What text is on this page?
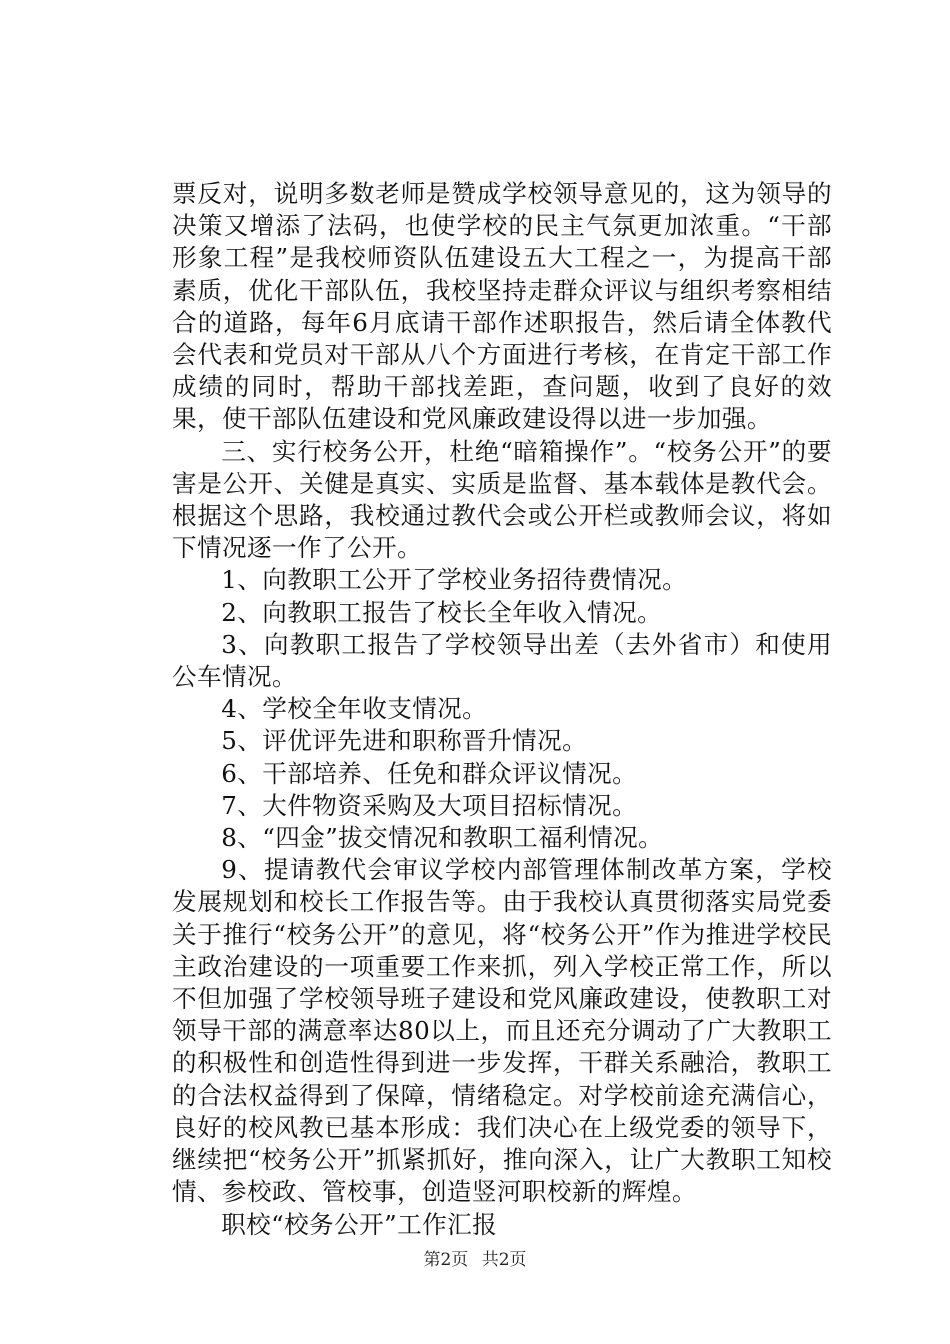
票反对，说明多数老师是赞成学校领导意见的，这为领导的决策又增添了法码，也使学校的民主气氛更加浓重。“干部形象工程”是我校师资队伍建设五大工程之一，为提高干部素质，优化干部队伍，我校坚持走群众评议与组织考察相结合的道路，每年6月底请干部作述职报告，然后请全体教代会代表和党员对干部从八个方面进行考核，在肯定干部工作成绩的同时，帮助干部找差距，查问题，收到了良好的效果，使干部队伍建设和党风廉政建设得以进一步加强。

三、实行校务公开，杜绝“暗箱操作”。“校务公开”的要害是公开、关健是真实、实质是监督、基本载体是教代会。根据这个思路，我校通过教代会或公开栏或教师会议，将如下情况逐一作了公开。

1、向教职工公开了学校业务招待费情况。

2、向教职工报告了校长全年收入情况。

3、向教职工报告了学校领导出差（去外省市）和使用公车情况。

4、学校全年收支情况。

5、评优评先进和职称晋升情况。

6、干部培养、任免和群众评议情况。

7、大件物资采购及大项目招标情况。

8、“四金”拔交情况和教职工福利情况。

9、提请教代会审议学校内部管理体制改革方案，学校发展规划和校长工作报告等。由于我校认真贯彻落实局党委关于推行“校务公开”的意见，将“校务公开”作为推进学校民主政治建设的一项重要工作来抓，列入学校正常工作，所以不但加强了学校领导班子建设和党风廉政建设，使教职工对领导干部的满意率达80以上，而且还充分调动了广大教职工的积极性和创造性得到进一步发挥，干群关系融洽，教职工的合法权益得到了保障，情绪稳定。对学校前途充满信心，良好的校风教已基本形成：我们决心在上级党委的领导下，继续把“校务公开”抓紧抓好，推向深入，让广大教职工知校情、参校政、管校事，创造竖河职校新的辉煌。

职校“校务公开”工作汇报

第2页 共2页
